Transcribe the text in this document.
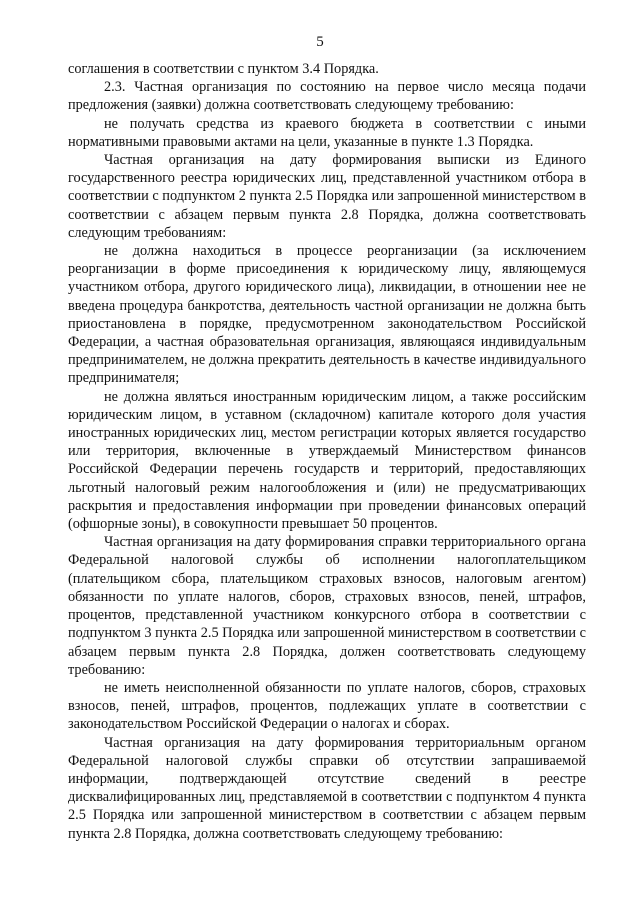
5

соглашения в соответствии с пунктом 3.4 Порядка.

2.3. Частная организация по состоянию на первое число месяца подачи предложения (заявки) должна соответствовать следующему требованию:

не получать средства из краевого бюджета в соответствии с иными нормативными правовыми актами на цели, указанные в пункте 1.3 Порядка.

Частная организация на дату формирования выписки из Единого государственного реестра юридических лиц, представленной участником отбора в соответствии с подпунктом 2 пункта 2.5 Порядка или запрошенной министерством в соответствии с абзацем первым пункта 2.8 Порядка, должна соответствовать следующим требованиям:

не должна находиться в процессе реорганизации (за исключением реорганизации в форме присоединения к юридическому лицу, являющемуся участником отбора, другого юридического лица), ликвидации, в отношении нее не введена процедура банкротства, деятельность частной организации не должна быть приостановлена в порядке, предусмотренном законодательством Российской Федерации, а частная образовательная организация, являющаяся индивидуальным предпринимателем, не должна прекратить деятельность в качестве индивидуального предпринимателя;

не должна являться иностранным юридическим лицом, а также российским юридическим лицом, в уставном (складочном) капитале которого доля участия иностранных юридических лиц, местом регистрации которых является государство или территория, включенные в утверждаемый Министерством финансов Российской Федерации перечень государств и территорий, предоставляющих льготный налоговый режим налогообложения и (или) не предусматривающих раскрытия и предоставления информации при проведении финансовых операций (офшорные зоны), в совокупности превышает 50 процентов.

Частная организация на дату формирования справки территориального органа Федеральной налоговой службы об исполнении налогоплательщиком (плательщиком сбора, плательщиком страховых взносов, налоговым агентом) обязанности по уплате налогов, сборов, страховых взносов, пеней, штрафов, процентов, представленной участником конкурсного отбора в соответствии с подпунктом 3 пункта 2.5 Порядка или запрошенной министерством в соответствии с абзацем первым пункта 2.8 Порядка, должен соответствовать следующему требованию:

не иметь неисполненной обязанности по уплате налогов, сборов, страховых взносов, пеней, штрафов, процентов, подлежащих уплате в соответствии с законодательством Российской Федерации о налогах и сборах.

Частная организация на дату формирования территориальным органом Федеральной налоговой службы справки об отсутствии запрашиваемой информации, подтверждающей отсутствие сведений в реестре дисквалифицированных лиц, представляемой в соответствии с подпунктом 4 пункта 2.5 Порядка или запрошенной министерством в соответствии с абзацем первым пункта 2.8 Порядка, должна соответствовать следующему требованию:
